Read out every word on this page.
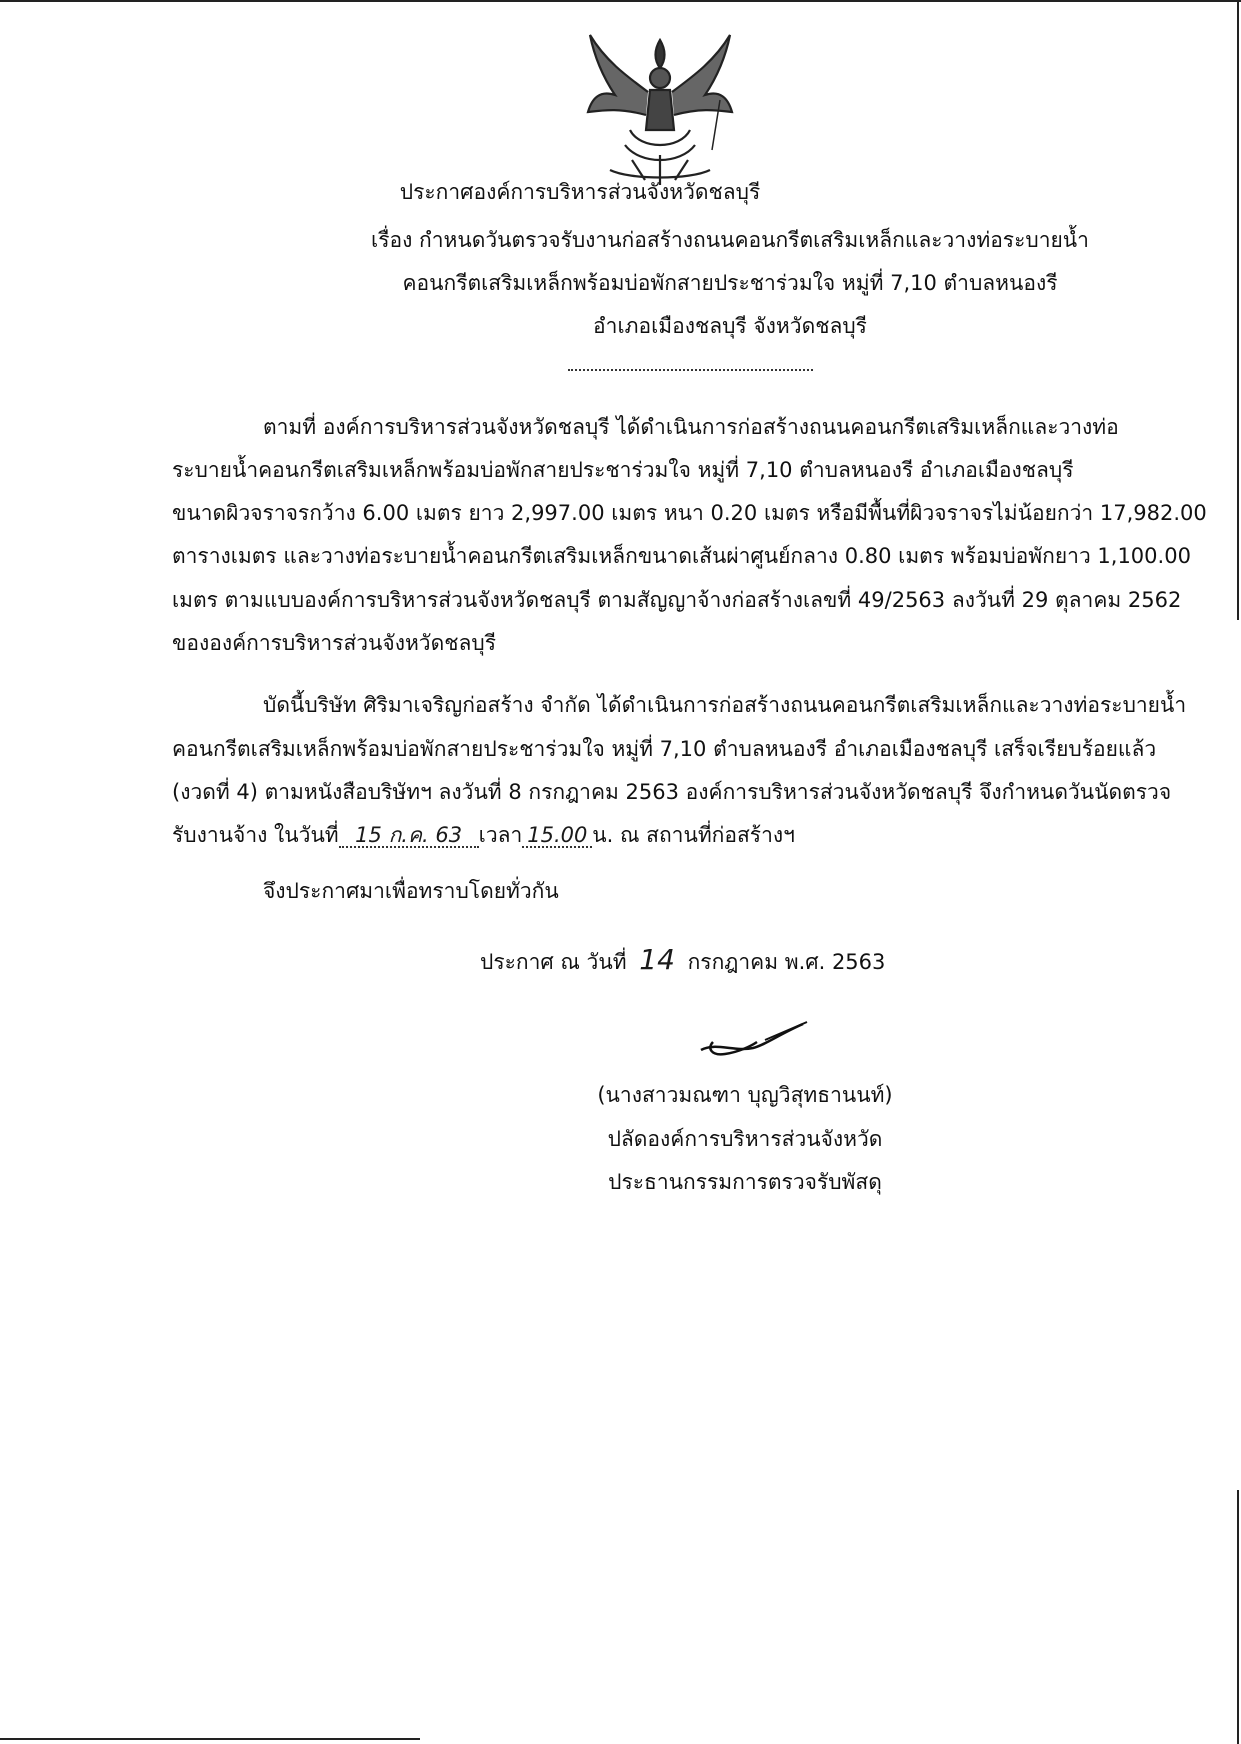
ประกาศองค์การบริหารส่วนจังหวัดชลบุรี
เรื่อง กำหนดวันตรวจรับงานก่อสร้างถนนคอนกรีตเสริมเหล็กและวางท่อระบายน้ำ
คอนกรีตเสริมเหล็กพร้อมบ่อพักสายประชาร่วมใจ หมู่ที่ 7,10 ตำบลหนองรี
อำเภอเมืองชลบุรี จังหวัดชลบุรี
ตามที่ องค์การบริหารส่วนจังหวัดชลบุรี ได้ดำเนินการก่อสร้างถนนคอนกรีตเสริมเหล็กและวางท่อ
ระบายน้ำคอนกรีตเสริมเหล็กพร้อมบ่อพักสายประชาร่วมใจ หมู่ที่ 7,10 ตำบลหนองรี อำเภอเมืองชลบุรี
ขนาดผิวจราจรกว้าง 6.00 เมตร ยาว 2,997.00 เมตร หนา 0.20 เมตร หรือมีพื้นที่ผิวจราจรไม่น้อยกว่า 17,982.00
ตารางเมตร และวางท่อระบายน้ำคอนกรีตเสริมเหล็กขนาดเส้นผ่าศูนย์กลาง 0.80 เมตร พร้อมบ่อพักยาว 1,100.00
เมตร ตามแบบองค์การบริหารส่วนจังหวัดชลบุรี ตามสัญญาจ้างก่อสร้างเลขที่ 49/2563 ลงวันที่ 29 ตุลาคม 2562
ขององค์การบริหารส่วนจังหวัดชลบุรี
บัดนี้บริษัท ศิริมาเจริญก่อสร้าง จำกัด ได้ดำเนินการก่อสร้างถนนคอนกรีตเสริมเหล็กและวางท่อระบายน้ำ
คอนกรีตเสริมเหล็กพร้อมบ่อพักสายประชาร่วมใจ หมู่ที่ 7,10 ตำบลหนองรี อำเภอเมืองชลบุรี เสร็จเรียบร้อยแล้ว
(งวดที่ 4) ตามหนังสือบริษัทฯ ลงวันที่ 8 กรกฎาคม 2563 องค์การบริหารส่วนจังหวัดชลบุรี จึงกำหนดวันนัดตรวจ
รับงานจ้าง ในวันที่ 15 ก.ค. 63 เวลา 15.00 น. ณ สถานที่ก่อสร้างฯ
จึงประกาศมาเพื่อทราบโดยทั่วกัน
ประกาศ ณ วันที่ 14 กรกฎาคม พ.ศ. 2563
(นางสาวมณฑา บุญวิสุทธานนท์)
ปลัดองค์การบริหารส่วนจังหวัด
ประธานกรรมการตรวจรับพัสดุ
